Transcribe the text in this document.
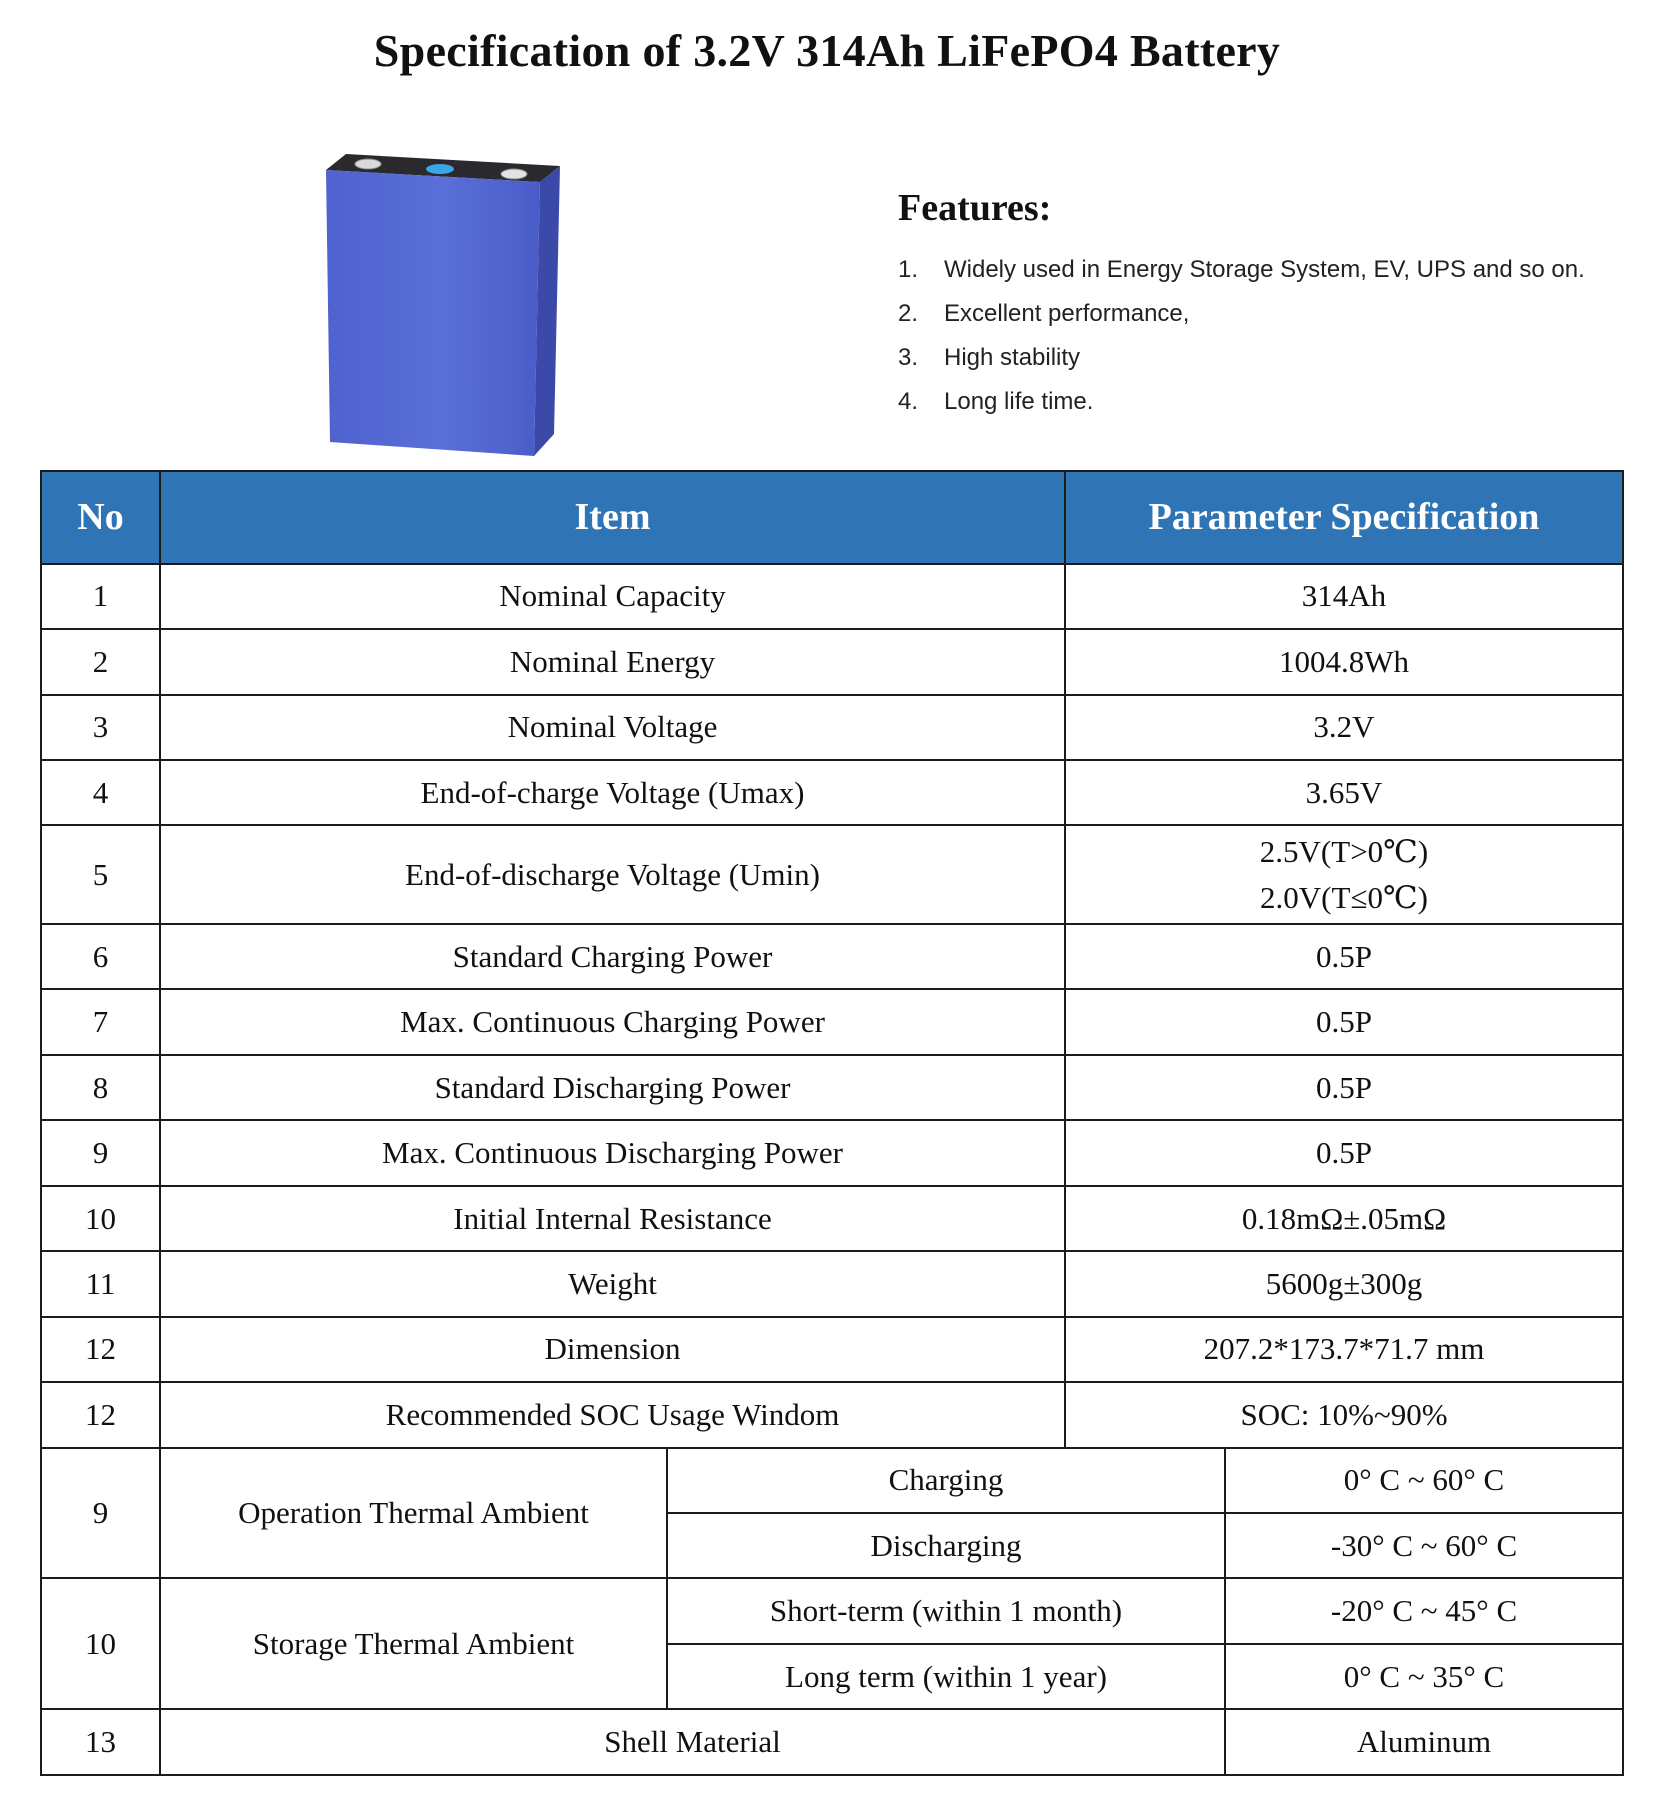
Specification of 3.2V 314Ah LiFePO4 Battery
Features:
1. Widely used in Energy Storage System, EV, UPS and so on.
2. Excellent performance,
3. High stability
4. Long life time.
No	Item		Parameter Specification	
1	Nominal Capacity		314Ah	
2	Nominal Energy		1004.8Wh	
3	Nominal Voltage		3.2V	
4	End-of-charge Voltage (Umax)		3.65V	
5	End-of-discharge Voltage (Umin)		2.5V(T>0℃)
2.0V(T≤0℃)	

6	Standard Charging Power		0.5P	
7	Max. Continuous Charging Power		0.5P	
8	Standard Discharging Power		0.5P	
9	Max. Continuous Discharging Power		0.5P	
10	Initial Internal Resistance		0.18mΩ±.05mΩ	
11	Weight		5600g±300g	
12	Dimension		207.2*173.7*71.7 mm	
12	Recommended SOC Usage Windom		SOC: 10%~90%	
9	Operation Thermal Ambient	Charging		0° C ~ 60° C
		Discharging		-30° C ~ 60° C
10	Storage Thermal Ambient	Short-term (within 1 month)		-20° C ~ 45° C
		Long term (within 1 year)		0° C ~ 35° C
13	Shell Material			Aluminum
